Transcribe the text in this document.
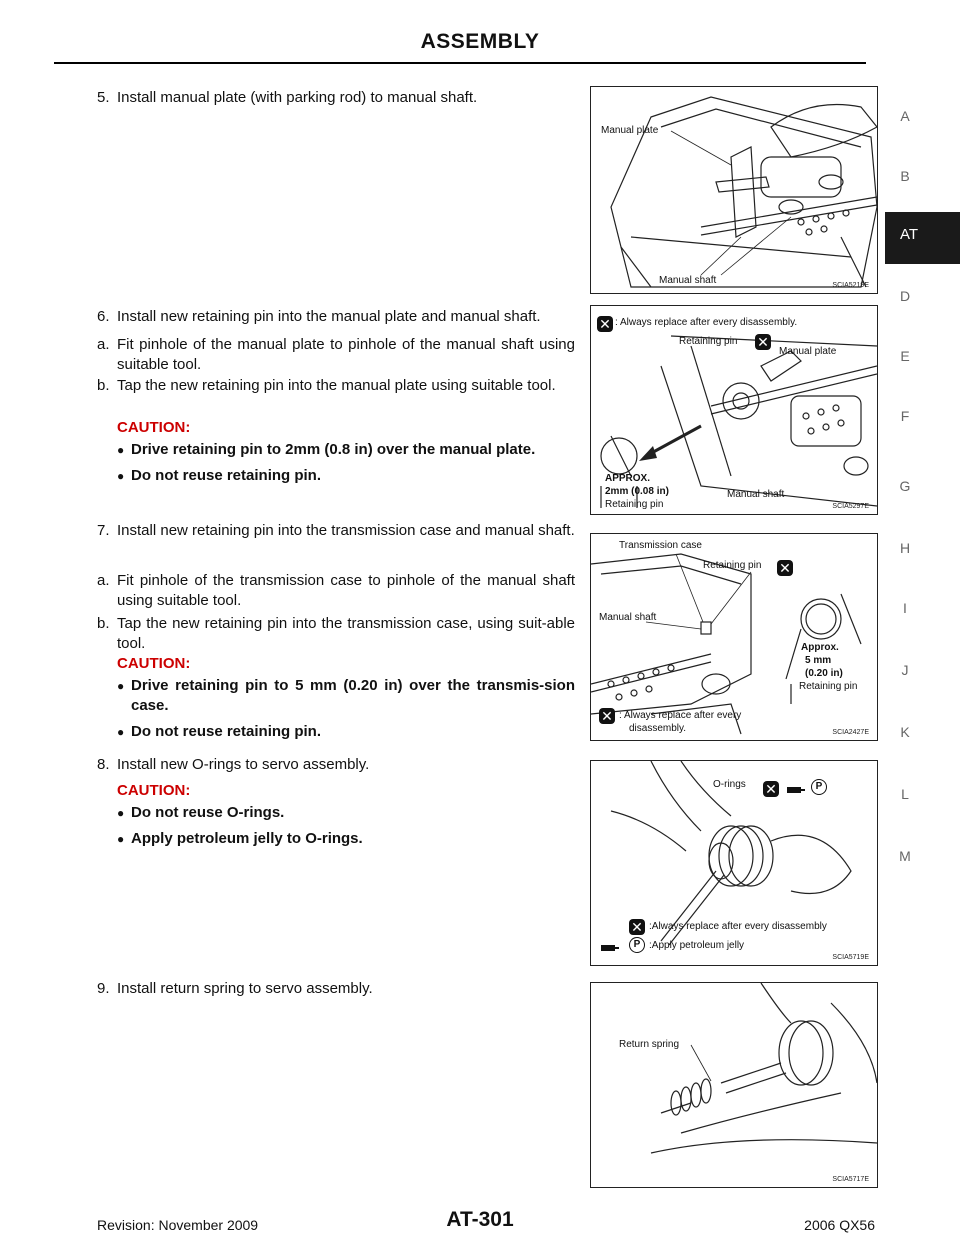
ASSEMBLY
5. Install manual plate (with parking rod) to manual shaft.
6. Install new retaining pin into the manual plate and manual shaft.
a. Fit pinhole of the manual plate to pinhole of the manual shaft using suitable tool.
b. Tap the new retaining pin into the manual plate using suitable tool.
CAUTION:
● Drive retaining pin to 2mm (0.8 in) over the manual plate.
● Do not reuse retaining pin.
7. Install new retaining pin into the transmission case and manual shaft.
a. Fit pinhole of the transmission case to pinhole of the manual shaft using suitable tool.
b. Tap the new retaining pin into the transmission case, using suit-able tool.
CAUTION:
● Drive retaining pin to 5 mm (0.20 in) over the transmis-sion case.
● Do not reuse retaining pin.
8. Install new O-rings to servo assembly.
CAUTION:
● Do not reuse O-rings.
● Apply petroleum jelly to O-rings.
9. Install return spring to servo assembly.
Manual plate
Manual shaft	SCIA5219E
✕ : Always replace after every disassembly.
Retaining pin ✕
Manual plate
Manual shaft
APPROX.
2mm (0.08 in)
Retaining pin	SCIA5297E
Transmission case
Retaining pin ✕
Manual shaft
Approx.
5 mm
(0.20 in)
Retaining pin
✕ : Always replace after every
disassembly.	SCIA2427E
O-rings ✕	P
✕ :Always replace after every disassembly
P :Apply petroleum jelly
SCIA5719E
Return spring
SCIA5717E
A
B
D
E
F
G
H
I
J
K
L
M
AT
Revision: November 2009	AT-301	2006 QX56
